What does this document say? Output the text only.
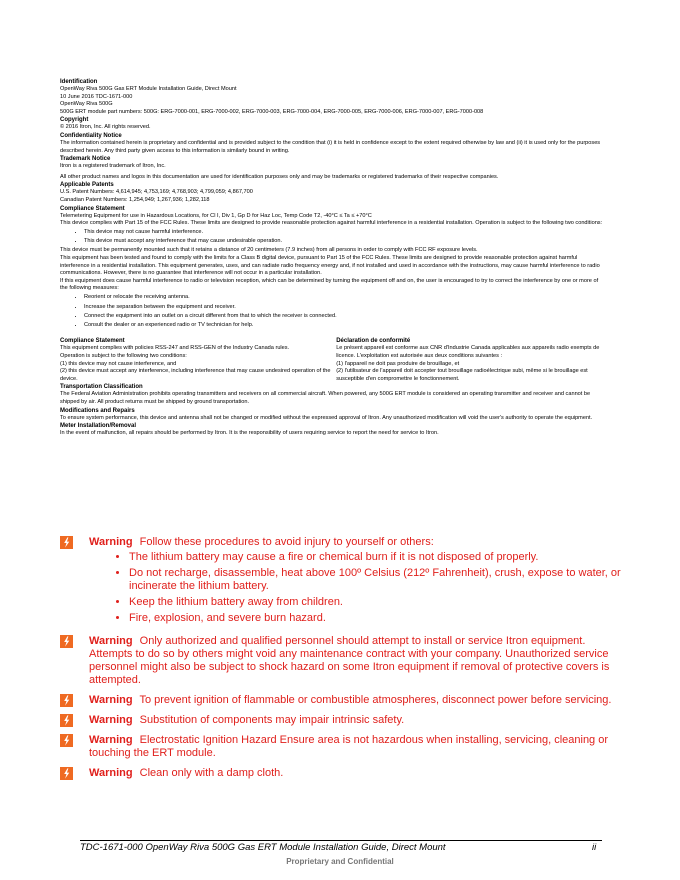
Identification

OpenWay Riva 500G Gas ERT Module Installation Guide, Direct Mount

10 June 2016 TDC-1671-000

OpenWay Riva 500G

500G ERT module part numbers: 500G: ERG-7000-001, ERG-7000-002, ERG-7000-003, ERG-7000-004, ERG-7000-005, ERG-7000-006, ERG-7000-007, ERG-7000-008

Copyright

© 2016 Itron, Inc. All rights reserved.

Confidentiality Notice

The information contained herein is proprietary and confidential and is provided subject to the condition that (i) it is held in confidence except to the extent required otherwise by law and (ii) it is used only for the purposes described herein. Any third party given access to this information is similarly bound in writing.

Trademark Notice

Itron is a registered trademark of Itron, Inc.

All other product names and logos in this documentation are used for identification purposes only and may be trademarks or registered trademarks of their respective companies.

Applicable Patents

U.S. Patent Numbers: 4,614,945; 4,753,169; 4,768,903; 4,799,059; 4,867,700

Canadian Patent Numbers: 1,254,949; 1,267,936; 1,282,118

Compliance Statement

Telemetering Equipment for use in Hazardous Locations, for Cl I, Div 1, Gp D for Haz Loc, Temp Code T2, -40°C ≤ Ta ≤ +70°C

This device complies with Part 15 of the FCC Rules. These limits are designed to provide reasonable protection against harmful interference in a residential installation. Operation is subject to the following two conditions:

• This device may not cause harmful interference.
• This device must accept any interference that may cause undesirable operation.

This device must be permanently mounted such that it retains a distance of 20 centimeters (7.9 inches) from all persons in order to comply with FCC RF exposure levels.

This equipment has been tested and found to comply with the limits for a Class B digital device, pursuant to Part 15 of the FCC Rules. These limits are designed to provide reasonable protection against harmful interference in a residential installation. This equipment generates, uses, and can radiate radio frequency energy and, if not installed and used in accordance with the instructions, may cause harmful interference to radio communications. However, there is no guarantee that interference will not occur in a particular installation.

If this equipment does cause harmful interference to radio or television reception, which can be determined by turning the equipment off and on, the user is encouraged to try to correct the interference by one or more of the following measures:

• Reorient or relocate the receiving antenna.
• Increase the separation between the equipment and receiver.
• Connect the equipment into an outlet on a circuit different from that to which the receiver is connected.
• Consult the dealer or an experienced radio or TV technician for help.

Compliance Statement

This equipment complies with policies RSS-247 and RSS-GEN of the Industry Canada rules.

Operation is subject to the following two conditions:

(1) this device may not cause interference, and

(2) this device must accept any interference, including interference that may cause undesired operation of the device.

Déclaration de conformité

Le présent appareil est conforme aux CNR d'Industrie Canada applicables aux appareils radio exempts de licence. L'exploitation est autorisée aux deux conditions suivantes :

(1) l'appareil ne doit pas produire de brouillage, et

(2) l'utilisateur de l'appareil doit accepter tout brouillage radioélectrique subi, même si le brouillage est susceptible d'en compromettre le fonctionnement.

Transportation Classification

The Federal Aviation Administration prohibits operating transmitters and receivers on all commercial aircraft. When powered, any 500G ERT module is considered an operating transmitter and receiver and cannot be shipped by air. All product returns must be shipped by ground transportation.

Modifications and Repairs

To ensure system performance, this device and antenna shall not be changed or modified without the expressed approval of Itron. Any unauthorized modification will void the user's authority to operate the equipment.

Meter Installation/Removal

In the event of malfunction, all repairs should be performed by Itron. It is the responsibility of users requiring service to report the need for service to Itron.

Warning Follow these procedures to avoid injury to yourself or others:
• The lithium battery may cause a fire or chemical burn if it is not disposed of properly.
• Do not recharge, disassemble, heat above 100º Celsius (212º Fahrenheit), crush, expose to water, or incinerate the lithium battery.
• Keep the lithium battery away from children.
• Fire, explosion, and severe burn hazard.
Warning Only authorized and qualified personnel should attempt to install or service Itron equipment. Attempts to do so by others might void any maintenance contract with your company. Unauthorized service personnel might also be subject to shock hazard on some Itron equipment if removal of protective covers is attempted.
Warning To prevent ignition of flammable or combustible atmospheres, disconnect power before servicing.
Warning Substitution of components may impair intrinsic safety.
Warning Electrostatic Ignition Hazard Ensure area is not hazardous when installing, servicing, cleaning or touching the ERT module.
Warning Clean only with a damp cloth.
TDC-1671-000 OpenWay Riva 500G Gas ERT Module Installation Guide, Direct Mount	ii
Proprietary and Confidential
